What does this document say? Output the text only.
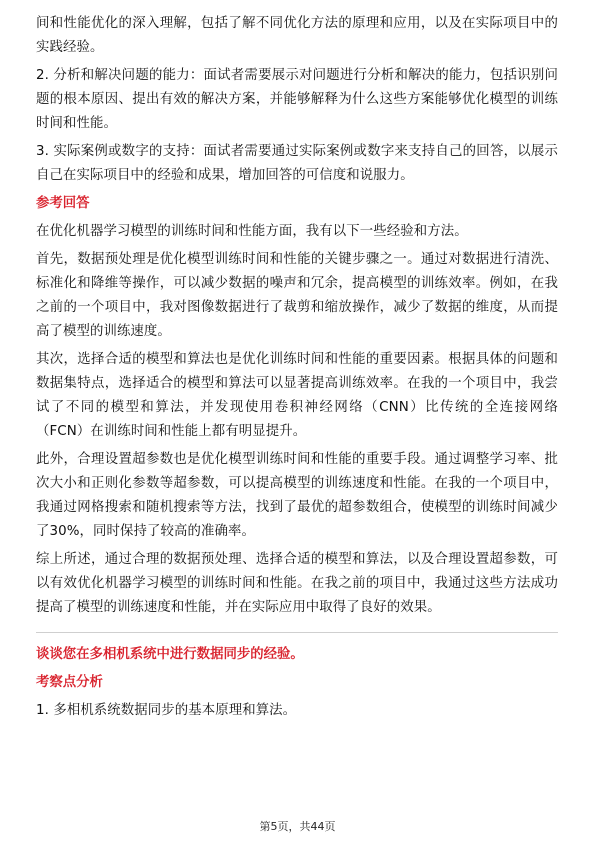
间和性能优化的深入理解，包括了解不同优化方法的原理和应用，以及在实际项目中的实践经验。

2. 分析和解决问题的能力：面试者需要展示对问题进行分析和解决的能力，包括识别问题的根本原因、提出有效的解决方案，并能够解释为什么这些方案能够优化模型的训练时间和性能。

3. 实际案例或数字的支持：面试者需要通过实际案例或数字来支持自己的回答，以展示自己在实际项目中的经验和成果，增加回答的可信度和说服力。

参考回答

在优化机器学习模型的训练时间和性能方面，我有以下一些经验和方法。

首先，数据预处理是优化模型训练时间和性能的关键步骤之一。通过对数据进行清洗、标准化和降维等操作，可以减少数据的噪声和冗余，提高模型的训练效率。例如，在我之前的一个项目中，我对图像数据进行了裁剪和缩放操作，减少了数据的维度，从而提高了模型的训练速度。

其次，选择合适的模型和算法也是优化训练时间和性能的重要因素。根据具体的问题和数据集特点，选择适合的模型和算法可以显著提高训练效率。在我的一个项目中，我尝试了不同的模型和算法，并发现使用卷积神经网络（CNN）比传统的全连接网络（FCN）在训练时间和性能上都有明显提升。

此外，合理设置超参数也是优化模型训练时间和性能的重要手段。通过调整学习率、批次大小和正则化参数等超参数，可以提高模型的训练速度和性能。在我的一个项目中，我通过网格搜索和随机搜索等方法，找到了最优的超参数组合，使模型的训练时间减少了30%，同时保持了较高的准确率。

综上所述，通过合理的数据预处理、选择合适的模型和算法，以及合理设置超参数，可以有效优化机器学习模型的训练时间和性能。在我之前的项目中，我通过这些方法成功提高了模型的训练速度和性能，并在实际应用中取得了良好的效果。

谈谈您在多相机系统中进行数据同步的经验。
考察点分析

1. 多相机系统数据同步的基本原理和算法。

第5页，共44页
